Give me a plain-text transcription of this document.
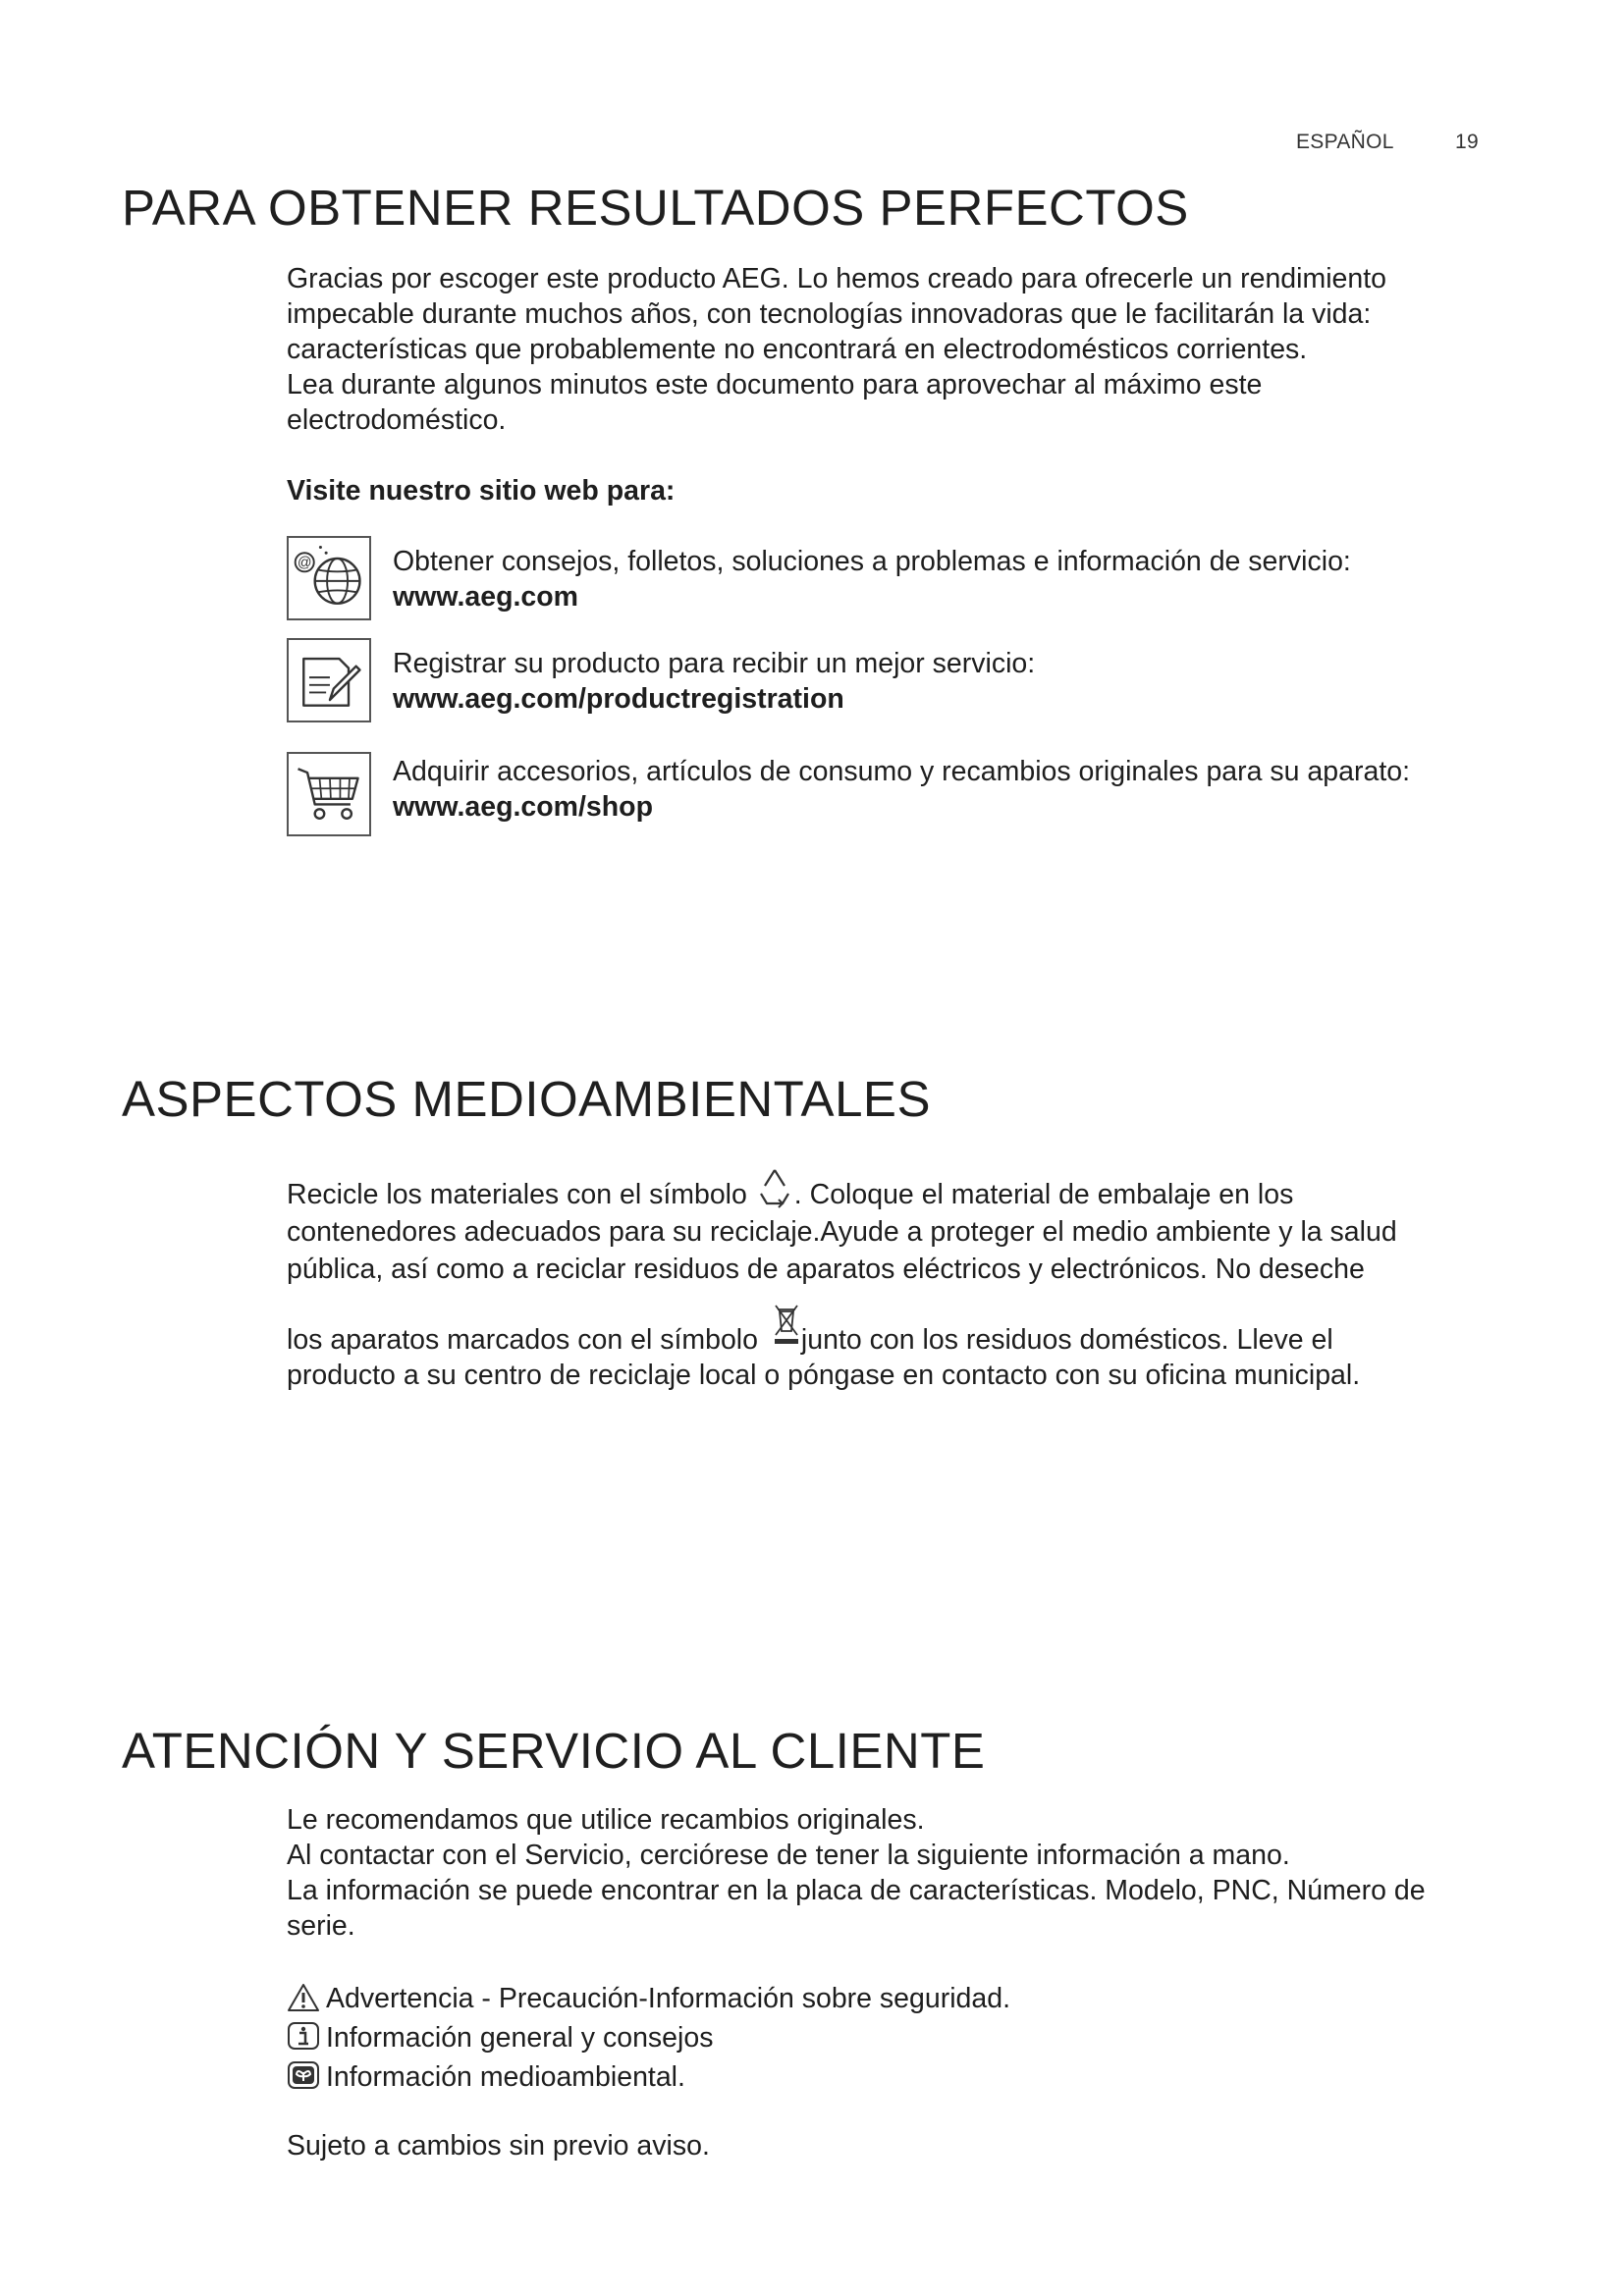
ESPAÑOL	19
PARA OBTENER RESULTADOS PERFECTOS
Gracias por escoger este producto AEG. Lo hemos creado para ofrecerle un rendimiento
impecable durante muchos años, con tecnologías innovadoras que le facilitarán la vida:
características que probablemente no encontrará en electrodomésticos corrientes.
Lea durante algunos minutos este documento para aprovechar al máximo este
electrodoméstico.
Visite nuestro sitio web para:
@	Obtener consejos, folletos, soluciones a problemas e información de servicio:
www.aeg.com
Registrar su producto para recibir un mejor servicio:
www.aeg.com/productregistration
Adquirir accesorios, artículos de consumo y recambios originales para su aparato:
www.aeg.com/shop
ASPECTOS MEDIOAMBIENTALES
Recicle los materiales con el símbolo . Coloque el material de embalaje en los
contenedores adecuados para su reciclaje.Ayude a proteger el medio ambiente y la salud
pública, así como a reciclar residuos de aparatos eléctricos y electrónicos. No deseche
los aparatos marcados con el símbolo junto con los residuos domésticos. Lleve el
producto a su centro de reciclaje local o póngase en contacto con su oficina municipal.
ATENCIÓN Y SERVICIO AL CLIENTE
Le recomendamos que utilice recambios originales.
Al contactar con el Servicio, cerciórese de tener la siguiente información a mano.
La información se puede encontrar en la placa de características. Modelo, PNC, Número de
serie.
Advertencia - Precaución-Información sobre seguridad.
Información general y consejos
Información medioambiental.
Sujeto a cambios sin previo aviso.
